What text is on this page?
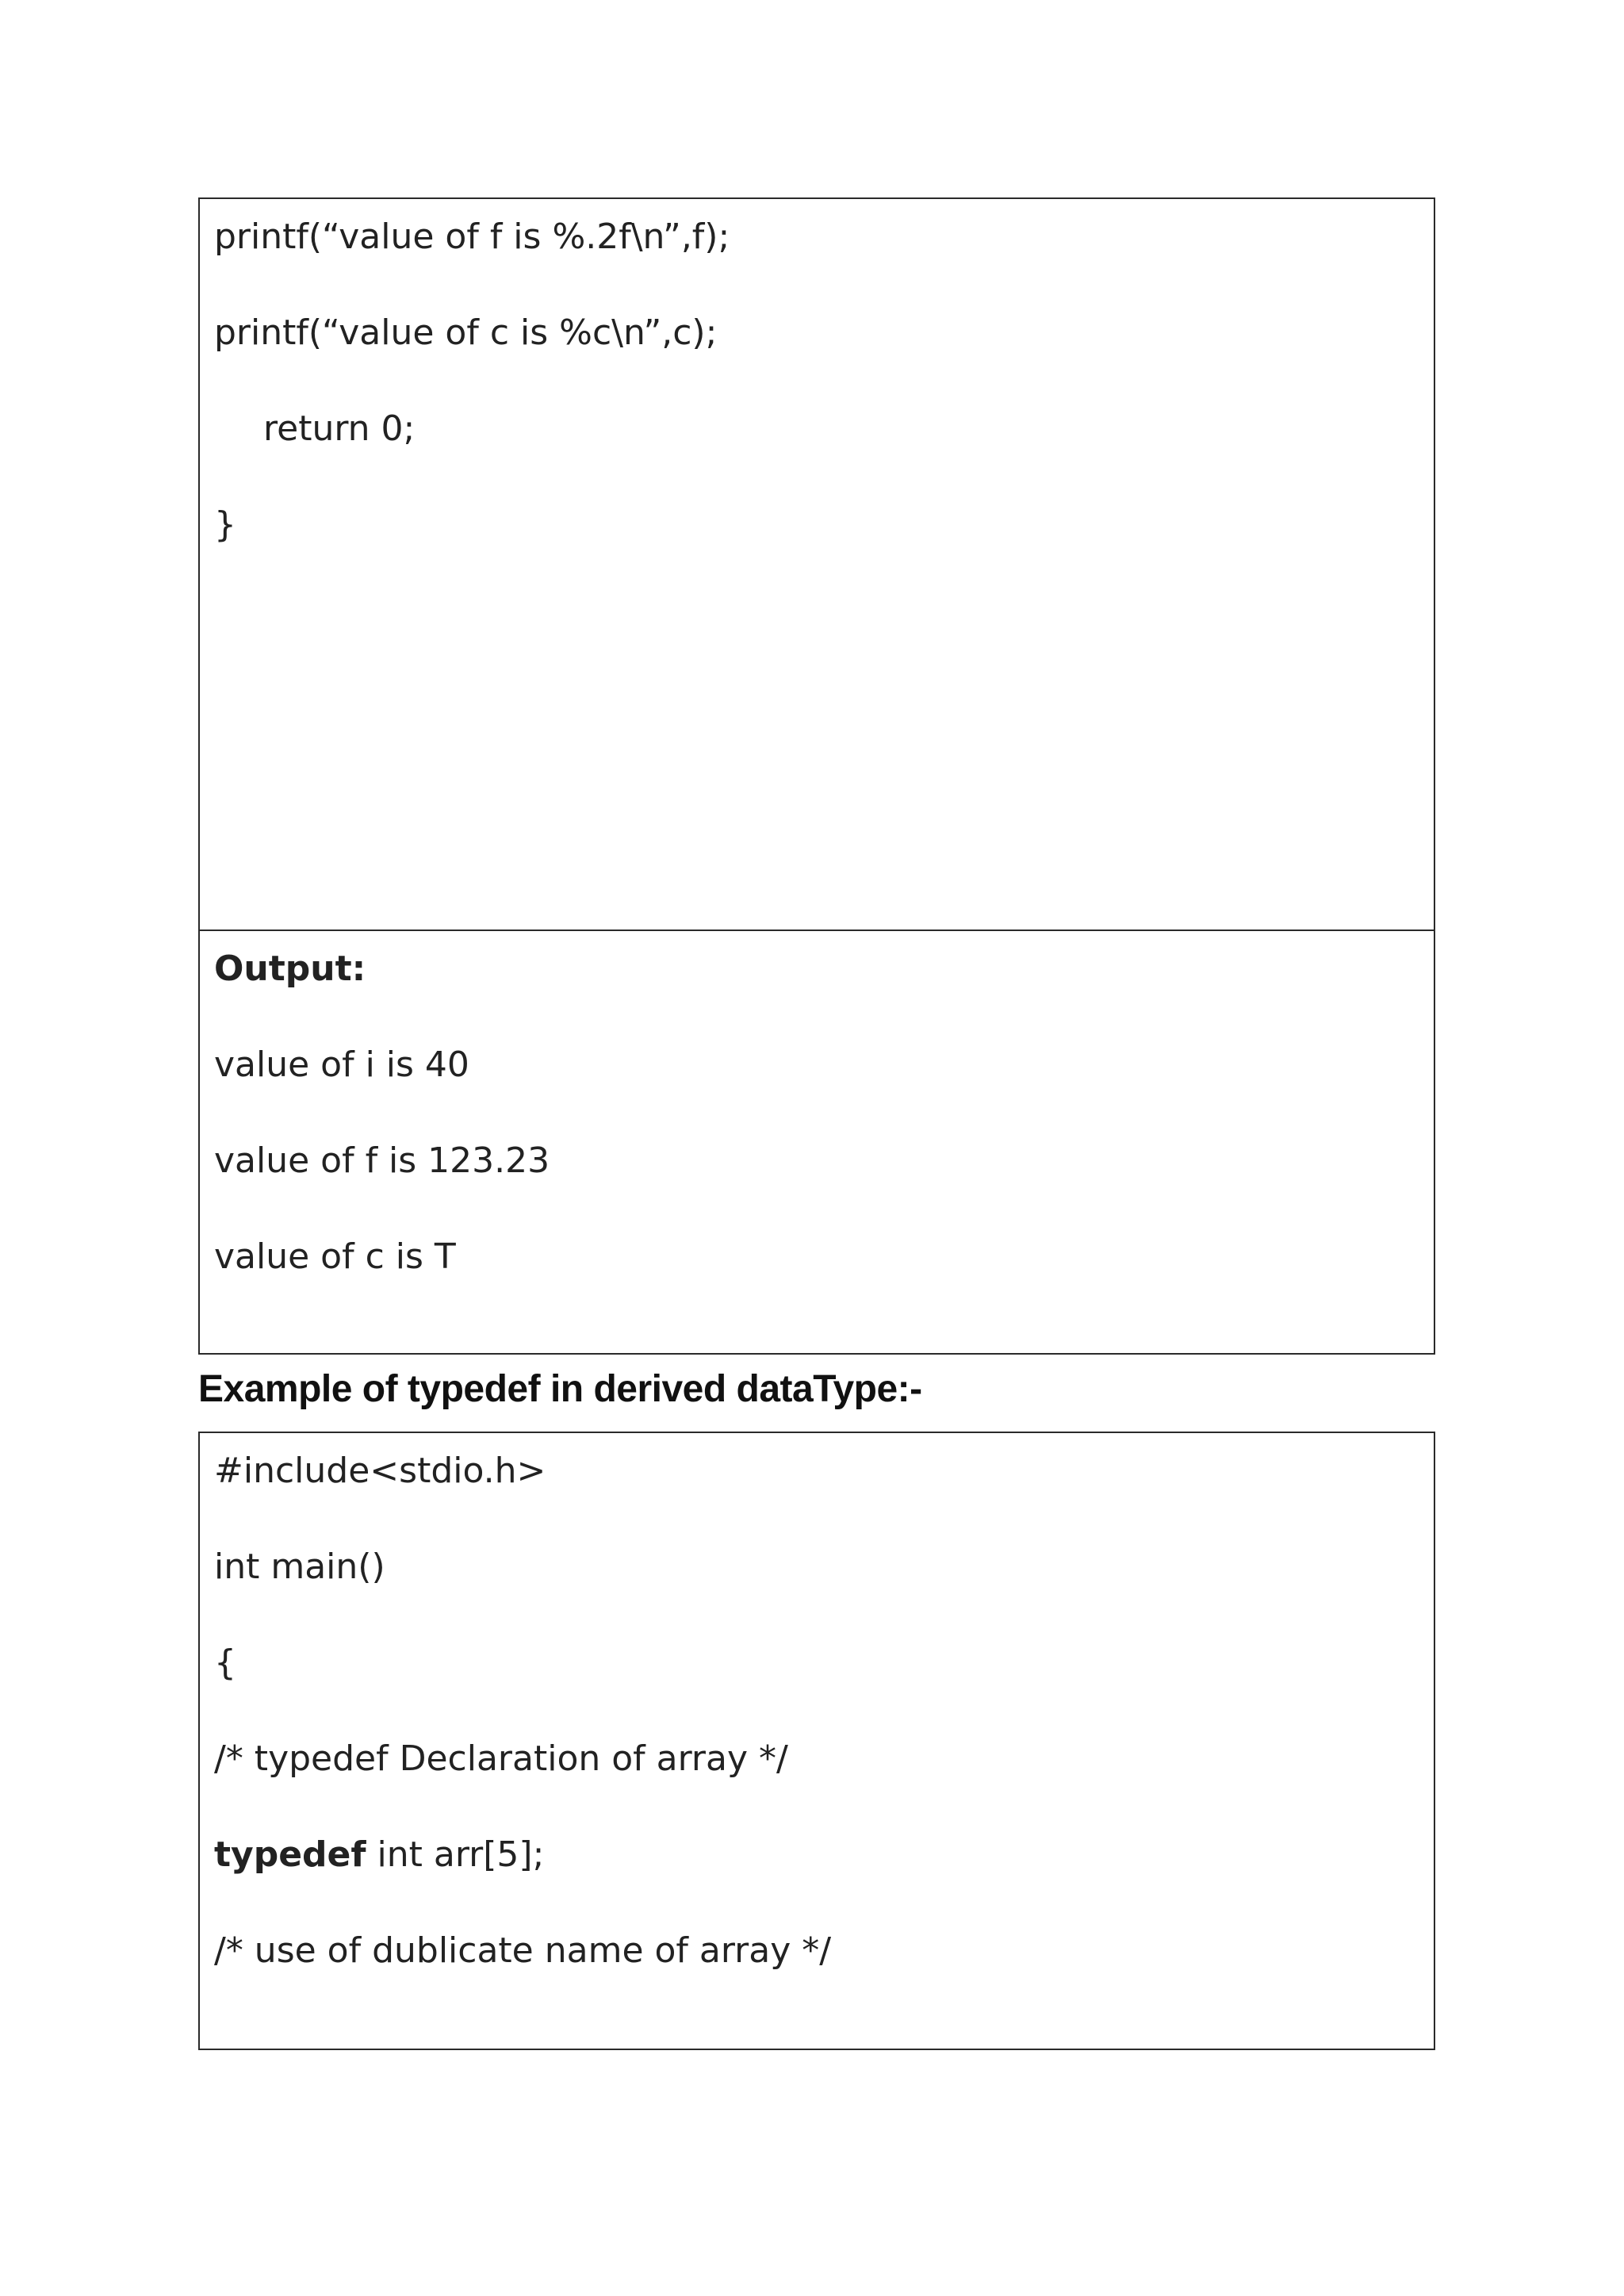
printf(“value of f is %.2f\n”,f);
printf(“value of c is %c\n”,c);
return 0;
}
Output:
value of i is 40
value of f is 123.23
value of c is T
Example of typedef in derived dataType:-
#include<stdio.h>
int main()
{
/* typedef Declaration of array */
typedef int arr[5];
/* use of dublicate name of array */
